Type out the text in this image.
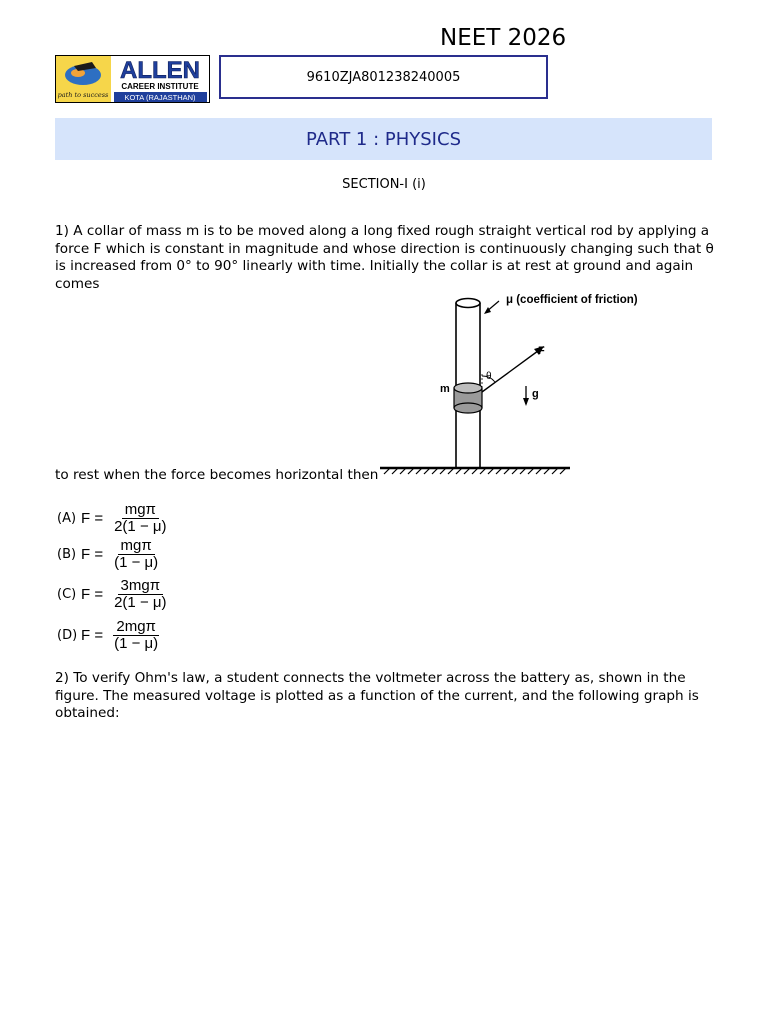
NEET 2026
path to success
ALLEN
CAREER INSTITUTE
KOTA (RAJASTHAN)
9610ZJA801238240005
PART 1 : PHYSICS
SECTION-I (i)
1) A collar of mass m is to be moved along a long fixed rough straight vertical rod by applying a force F which is constant in magnitude and whose direction is continuously changing such that θ is increased from 0° to 90° linearly with time. Initially the collar is at rest at ground and again comes
μ (coefficient of friction)
F
θ
m	g
to rest when the force becomes horizontal then
(A) $F = \frac{\text{mgπ}}{2(1 - \mu)}$
(B) $F = \frac{\text{mgπ}}{(1 - \mu)}$
(C) $F = \frac{\text{3mgπ}}{2(1 - \mu)}$
(D) $F = \frac{\text{2mgπ}}{(1 - \mu)}$
2) To verify Ohm's law, a student connects the voltmeter across the battery as, shown in the figure. The measured voltage is plotted as a function of the current, and the following graph is obtained:
